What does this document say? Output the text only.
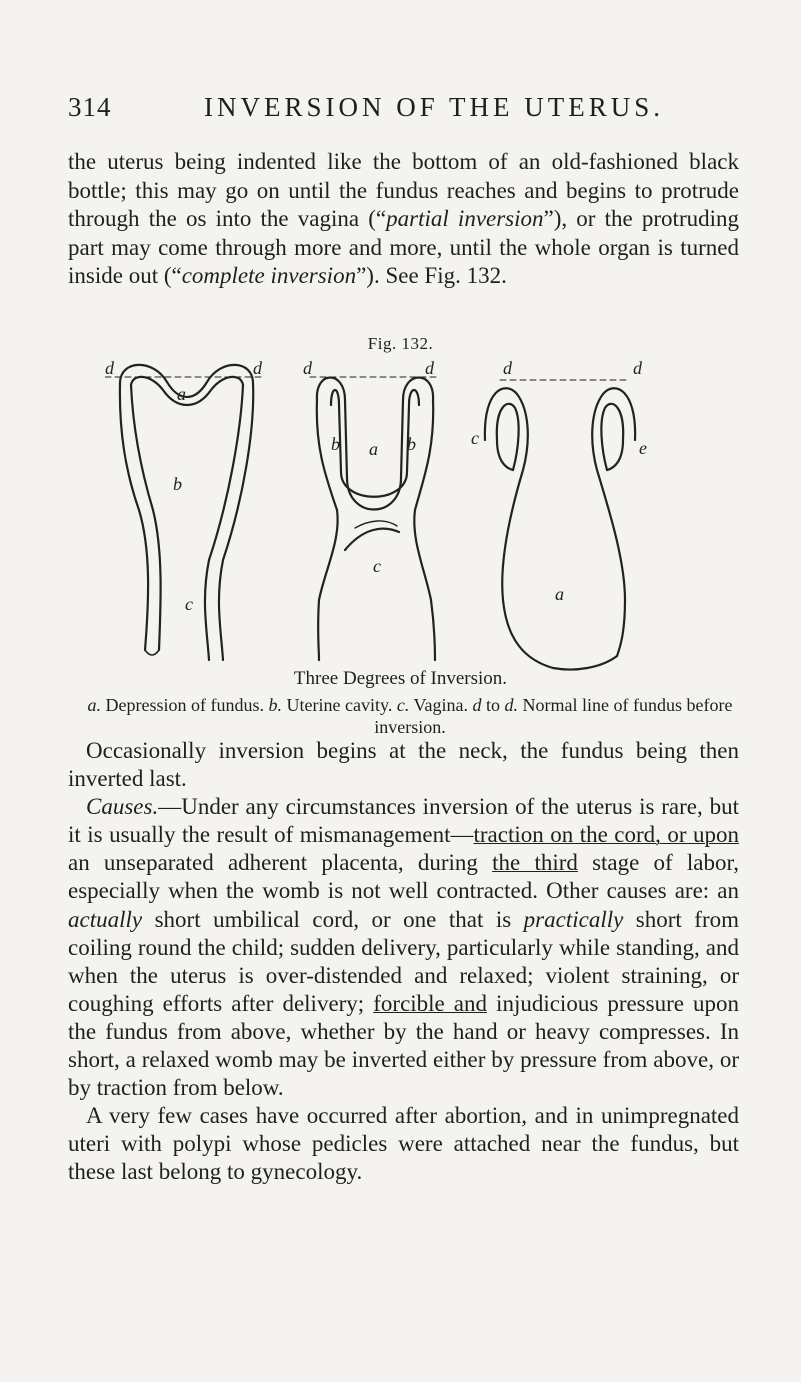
314	INVERSION OF THE UTERUS.
the uterus being indented like the bottom of an old-fashioned black bottle; this may go on until the fundus reaches and begins to protrude through the os into the vagina (“partial inversion”), or the protruding part may come through more and more, until the whole organ is turned inside out (“complete inversion”). See Fig. 132.
Fig. 132.
d	d
a
b
c
d	d
b	b
a
c
d	d
c	e
a
Three Degrees of Inversion.
a. Depression of fundus. b. Uterine cavity. c. Vagina. d to d. Normal line of fundus before inversion.

Occasionally inversion begins at the neck, the fundus being then inverted last.

Causes.—Under any circumstances inversion of the uterus is rare, but it is usually the result of mismanagement—traction on the cord, or upon an unseparated adherent placenta, during the third stage of labor, especially when the womb is not well contracted. Other causes are: an actually short umbilical cord, or one that is practically short from coiling round the child; sudden delivery, particularly while standing, and when the uterus is over-distended and relaxed; violent straining, or coughing efforts after delivery; forcible and injudicious pressure upon the fundus from above, whether by the hand or heavy compresses. In short, a relaxed womb may be inverted either by pressure from above, or by traction from below.

A very few cases have occurred after abortion, and in unimpregnated uteri with polypi whose pedicles were attached near the fundus, but these last belong to gynecology.
